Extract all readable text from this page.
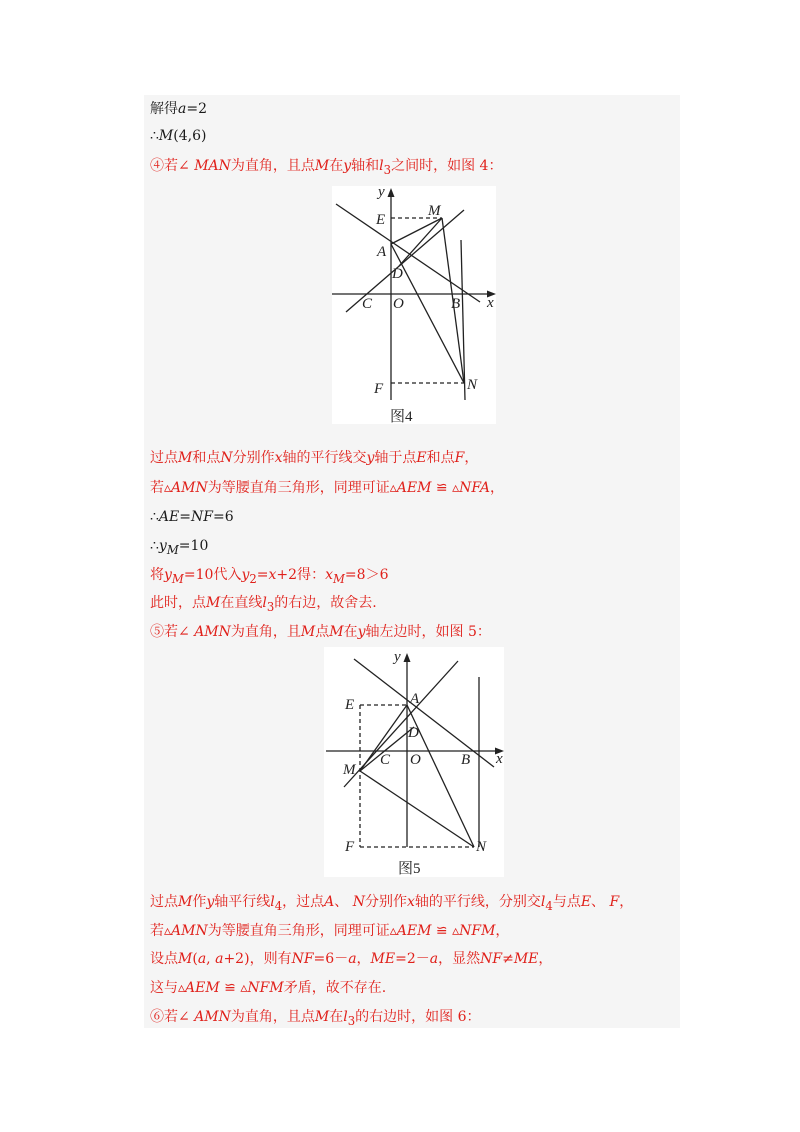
解得a=2
∴M(4,6)
④若∠ MAN为直角，且点M在y轴和$l_3$之间时，如图 4：
y
x
E
M
A
D
C O	B
F	N
图4
过点M和点N分别作x轴的平行线交y轴于点E和点F，
若▵AMN为等腰直角三角形，同理可证▵AEM ≌ ▵NFA，
∴AE=NF=6
$\therefore y_M=10$
将$y_M=10$代入$y_2=x+2$得：$x_M=8>6$
此时，点M在直线$l_3$的右边，故舍去.
⑤若∠ AMN为直角，且M点M在y轴左边时，如图 5：
y
x
A
E
D
M
C O	B
F	N
图5
过点M作y轴平行线$l_4$，过点A、 N分别作x轴的平行线，分别交$l_4$与点E、 F，
若▵AMN为等腰直角三角形，同理可证▵AEM ≌ ▵NFM，
设点M(a, a+2)，则有NF=6－a，ME=2－a，显然NF≠ME，
这与▵AEM ≌ ▵NFM矛盾，故不存在.
⑥若∠ AMN为直角，且点M在$l_3$的右边时，如图 6：
